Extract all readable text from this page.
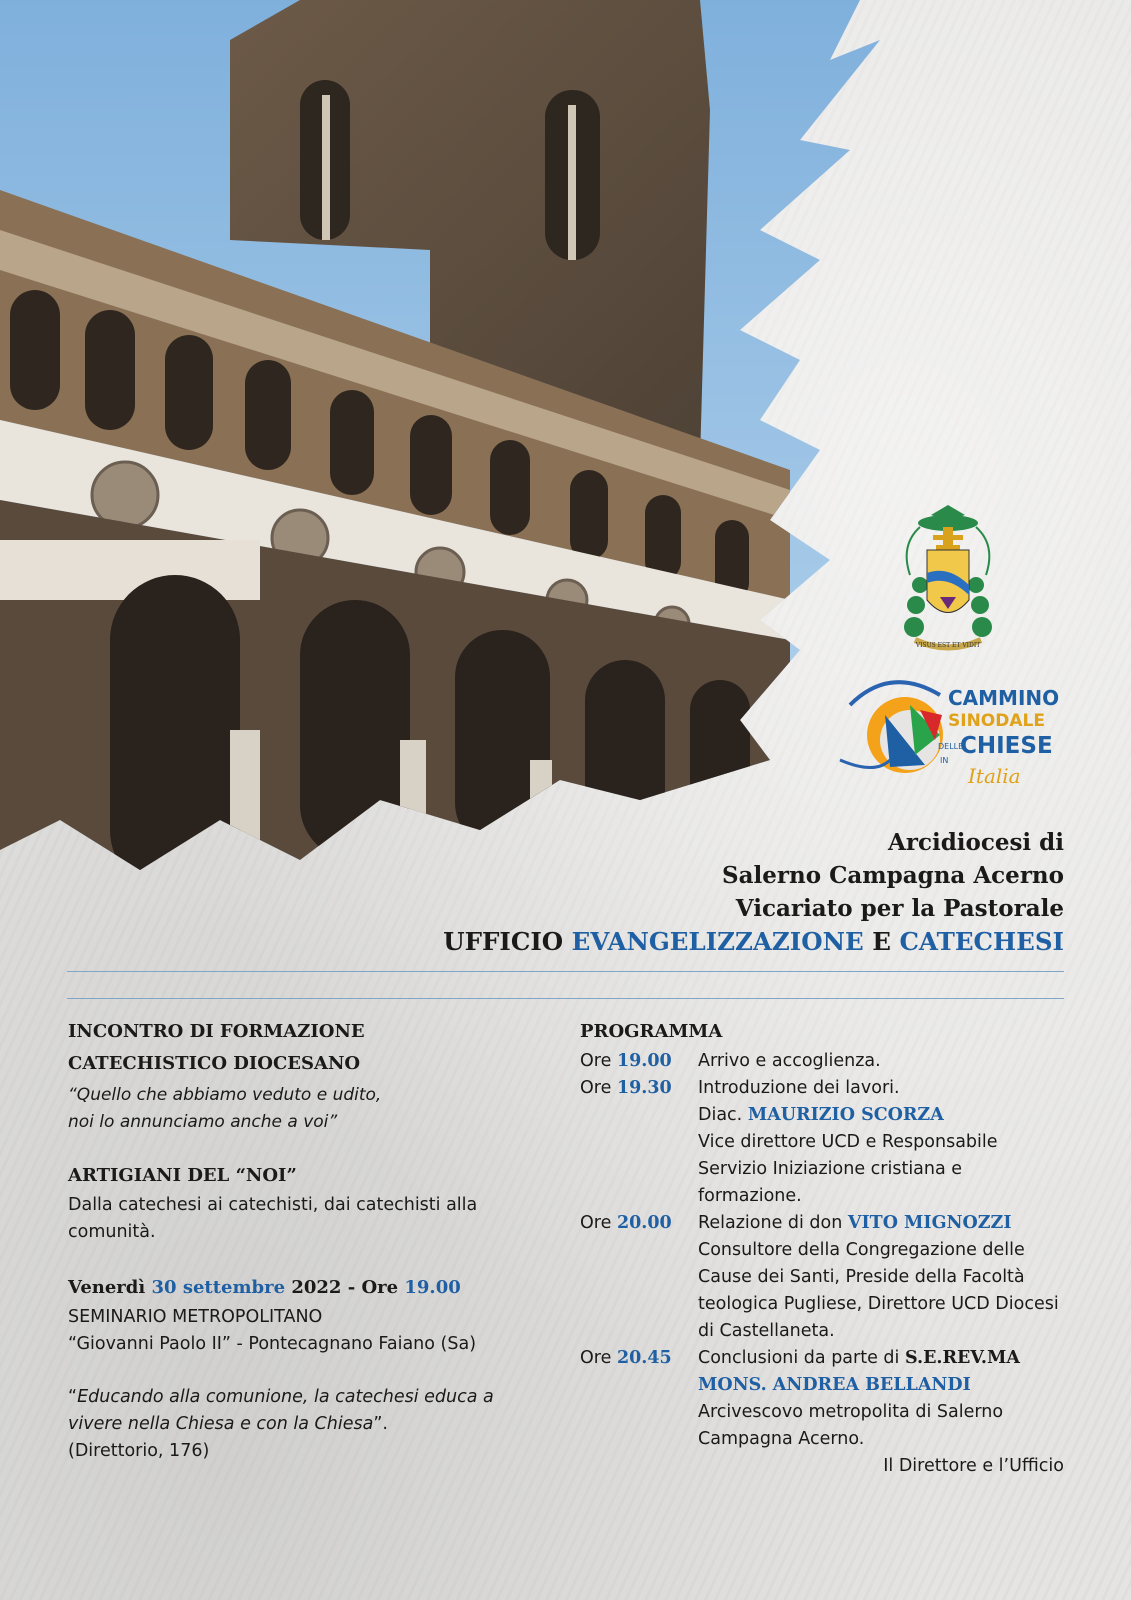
VISUS EST ET VIDIT
CAMMINO
SINODALE
DELLE
CHIESE
IN
Italia
Arcidiocesi di
Salerno Campagna Acerno
Vicariato per la Pastorale
UFFICIO EVANGELIZZAZIONE E CATECHESI
INCONTRO DI FORMAZIONE
CATECHISTICO DIOCESANO
“Quello che abbiamo veduto e udito,
noi lo annunciamo anche a voi”
ARTIGIANI DEL “NOI”
Dalla catechesi ai catechisti, dai catechisti alla comunità.
Venerdì 30 settembre 2022 - Ore 19.00
SEMINARIO METROPOLITANO
“Giovanni Paolo II” - Pontecagnano Faiano (Sa)
“Educando alla comunione, la catechesi educa a vivere nella Chiesa e con la Chiesa”.
(Direttorio, 176)
PROGRAMMA
Ore 19.00	Arrivo e accoglienza.
Ore 19.30	Introduzione dei lavori.
Diac. MAURIZIO SCORZA
Vice direttore UCD e Responsabile Servizio Iniziazione cristiana e formazione.
Ore 20.00	Relazione di don VITO MIGNOZZI
Consultore della Congregazione delle Cause dei Santi, Preside della Facoltà teologica Pugliese, Direttore UCD Diocesi di Castellaneta.
Ore 20.45	Conclusioni da parte di S.E.REV.MA
MONS. ANDREA BELLANDI
Arcivescovo metropolita di Salerno Campagna Acerno.
Il Direttore e l’Ufficio
